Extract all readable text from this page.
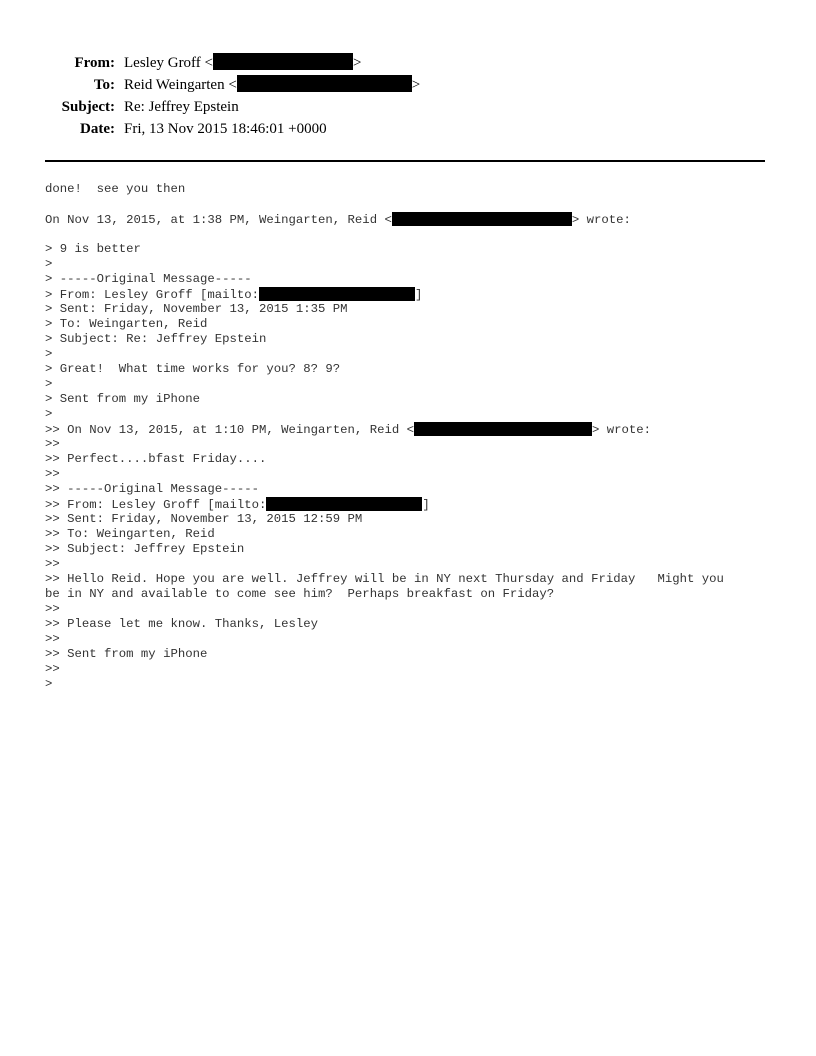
From: Lesley Groff <	>
To: Reid Weingarten <	>
Subject: Re: Jeffrey Epstein
Date: Fri, 13 Nov 2015 18:46:01 +0000
done!  see you then
On Nov 13, 2015, at 1:38 PM, Weingarten, Reid <	> wrote:
> 9 is better
>
> -----Original Message-----
> From: Lesley Groff [mailto:	]
> Sent: Friday, November 13, 2015 1:35 PM
> To: Weingarten, Reid
> Subject: Re: Jeffrey Epstein
>
> Great!  What time works for you? 8? 9?
>
> Sent from my iPhone
>
>> On Nov 13, 2015, at 1:10 PM, Weingarten, Reid <	> wrote:
>>
>> Perfect....bfast Friday....
>>
>> -----Original Message-----
>> From: Lesley Groff [mailto:	]
>> Sent: Friday, November 13, 2015 12:59 PM
>> To: Weingarten, Reid
>> Subject: Jeffrey Epstein
>>
>> Hello Reid. Hope you are well. Jeffrey will be in NY next Thursday and Friday   Might you
be in NY and available to come see him?  Perhaps breakfast on Friday?
>>
>> Please let me know. Thanks, Lesley
>>
>> Sent from my iPhone
>>
>
